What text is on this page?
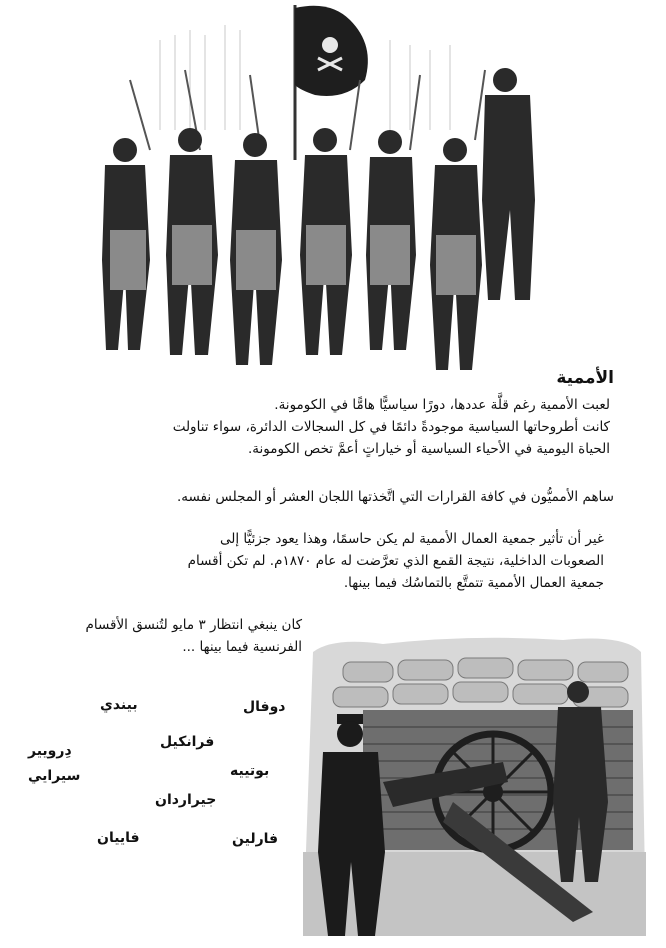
الأممية

لعبت الأممية رغم قلَّة عددها، دورًا سياسيًّا هامًّا في الكومونة.

كانت أطروحاتها السياسية موجودةً دائمًا في كل السجالات الدائرة، سواء تناولت

الحياة اليومية في الأحياء السياسية أو خياراتٍ أعمَّ تخص الكومونة.

ساهم الأمميُّون في كافة القرارات التي اتَّخذتها اللجان العشر أو المجلس نفسه.

غير أن تأثير جمعية العمال الأممية لم يكن حاسمًا، وهذا يعود جزئيًّا إلى

الصعوبات الداخلية، نتيجة القمع الذي تعرَّضت له عام ١٨٧٠م. لم تكن أقسام

جمعية العمال الأممية تتمتَّع بالتماسُك فيما بينها.

كان ينبغي انتظار ٣ مايو لتُنسق الأقسام

الفرنسية فيما بينها ...

دوفال
بيندي
فرانكيل
دِرويير
سيرايي	بوتييه
جيراردان
فارلين
فاييان
